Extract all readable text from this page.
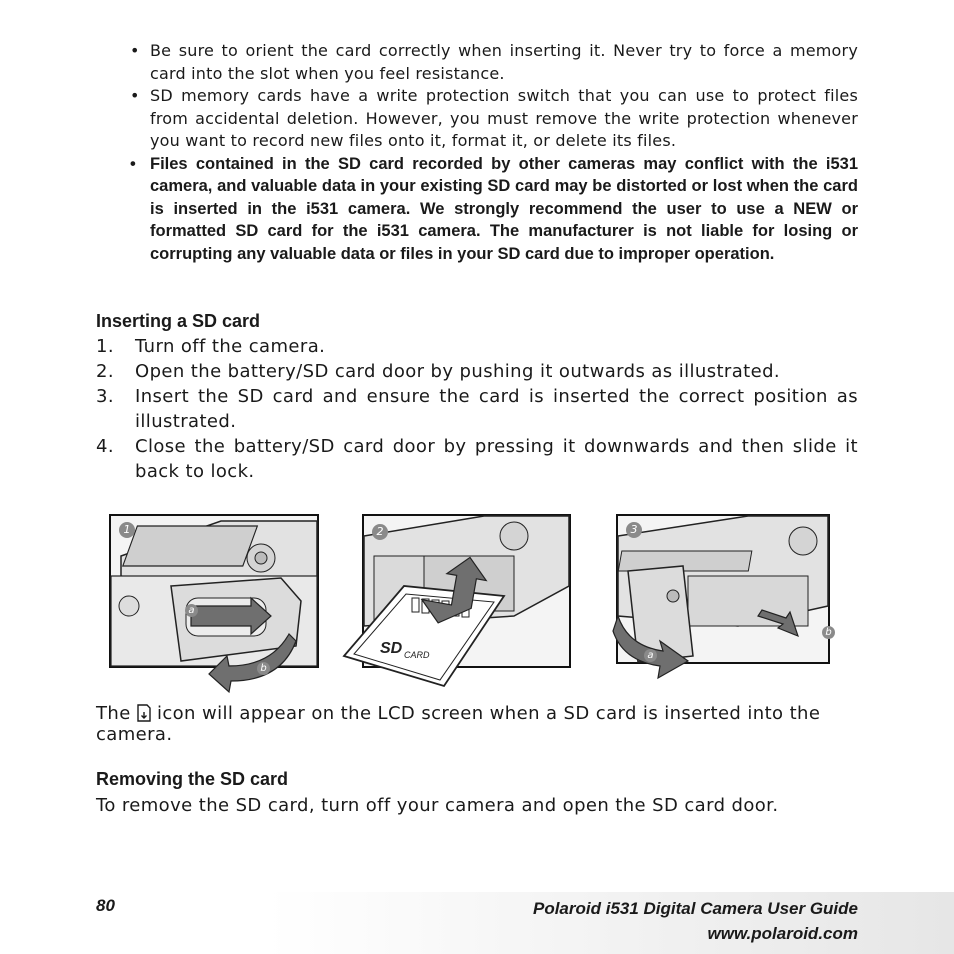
• Be sure to orient the card correctly when inserting it. Never try to force a memory card into the slot when you feel resistance.
• SD memory cards have a write protection switch that you can use to protect files from accidental deletion. However, you must remove the write protection whenever you want to record new files onto it, format it, or delete its files.
• Files contained in the SD card recorded by other cameras may conflict with the i531 camera, and valuable data in your existing SD card may be distorted or lost when the card is inserted in the i531 camera. We strongly recommend the user to use a NEW or formatted SD card for the i531 camera. The manufacturer is not liable for losing or corrupting any valuable data or files in your SD card due to improper operation.
Inserting a SD card
1. Turn off the camera.
2. Open the battery/SD card door by pushing it outwards as illustrated.
3. Insert the SD card and ensure the card is inserted the correct position as illustrated.
4. Close the battery/SD card door by pressing it downwards and then slide it back to lock.
1
a
b
2
SD CARD
3
a
b

The icon will appear on the LCD screen when a SD card is inserted into the camera.

Removing the SD card

To remove the SD card, turn off your camera and open the SD card door.

80	Polaroid i531 Digital Camera User Guide
www.polaroid.com
